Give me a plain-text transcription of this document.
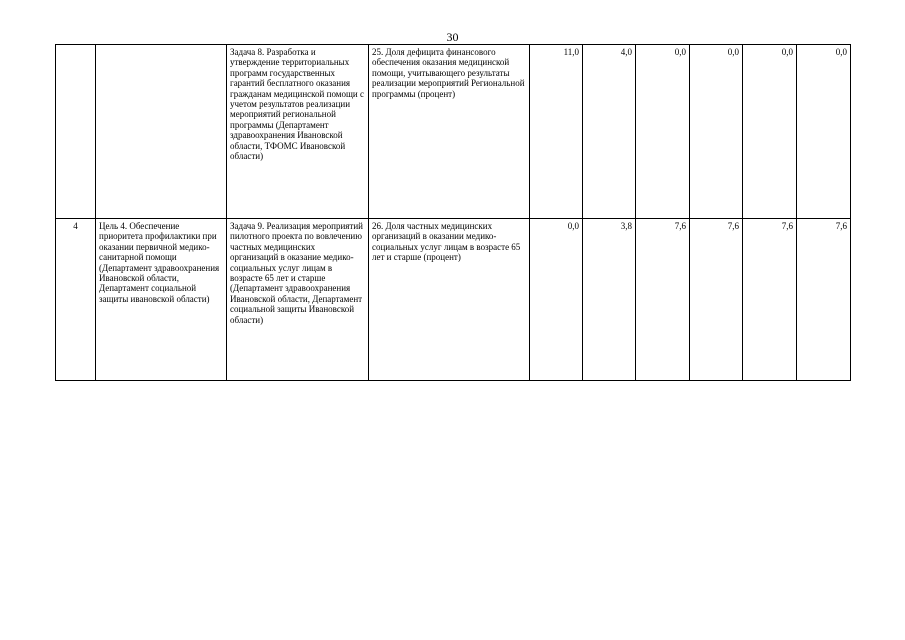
30
		Задача 8. Разработка и утверждение территориальных программ государственных гарантий бесплатного оказания гражданам медицинской помощи с учетом результатов реализации мероприятий региональной программы (Департамент здравоохранения Ивановской области, ТФОМС Ивановской области)	25. Доля дефицита финансового обеспечения оказания медицинской помощи, учитывающего результаты реализации мероприятий Региональной программы (процент)	11,0	4,0	0,0	0,0	0,0	0,0
4	Цель 4. Обеспечение приоритета профилактики при оказании первичной медико-санитарной помощи (Департамент здравоохранения Ивановской области, Департамент социальной защиты ивановской области)	Задача 9. Реализация мероприятий пилотного проекта по вовлечению частных медицинских организаций в оказание медико-социальных услуг лицам в возрасте 65 лет и старше (Департамент здравоохранения Ивановской области, Департамент социальной защиты Ивановской области)	26. Доля частных медицинских организаций в оказании медико-социальных услуг лицам в возрасте 65 лет и старше (процент)	0,0	3,8	7,6	7,6	7,6	7,6
